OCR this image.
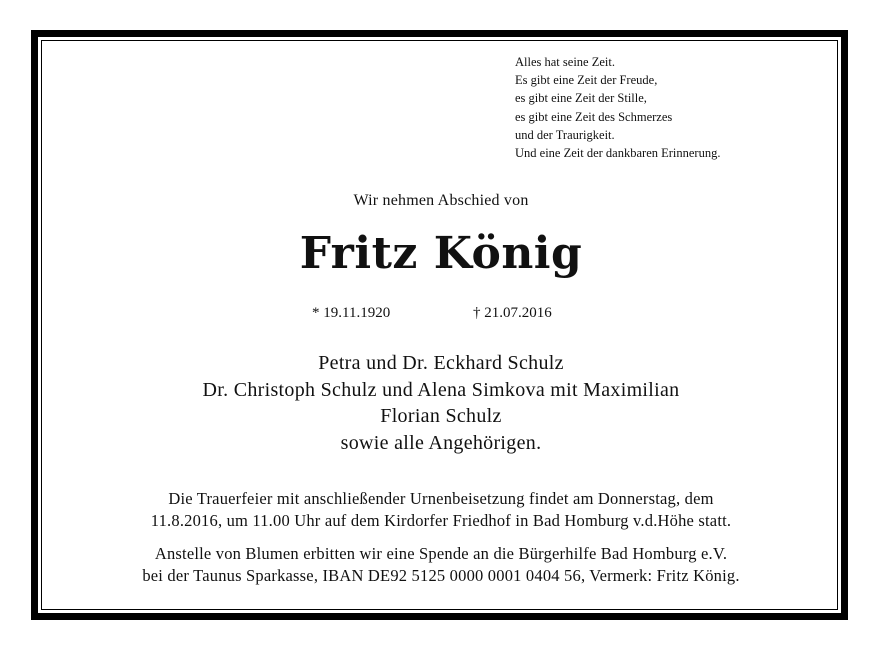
Alles hat seine Zeit.
Es gibt eine Zeit der Freude,
es gibt eine Zeit der Stille,
es gibt eine Zeit des Schmerzes
und der Traurigkeit.
Und eine Zeit der dankbaren Erinnerung.
Wir nehmen Abschied von
Fritz König
* 19.11.1920	† 21.07.2016
Petra und Dr. Eckhard Schulz
Dr. Christoph Schulz und Alena Simkova mit Maximilian
Florian Schulz
sowie alle Angehörigen.
Die Trauerfeier mit anschließender Urnenbeisetzung findet am Donnerstag, dem
11.8.2016, um 11.00 Uhr auf dem Kirdorfer Friedhof in Bad Homburg v.d.Höhe statt.
Anstelle von Blumen erbitten wir eine Spende an die Bürgerhilfe Bad Homburg e.V.
bei der Taunus Sparkasse, IBAN DE92 5125 0000 0001 0404 56, Vermerk: Fritz König.
